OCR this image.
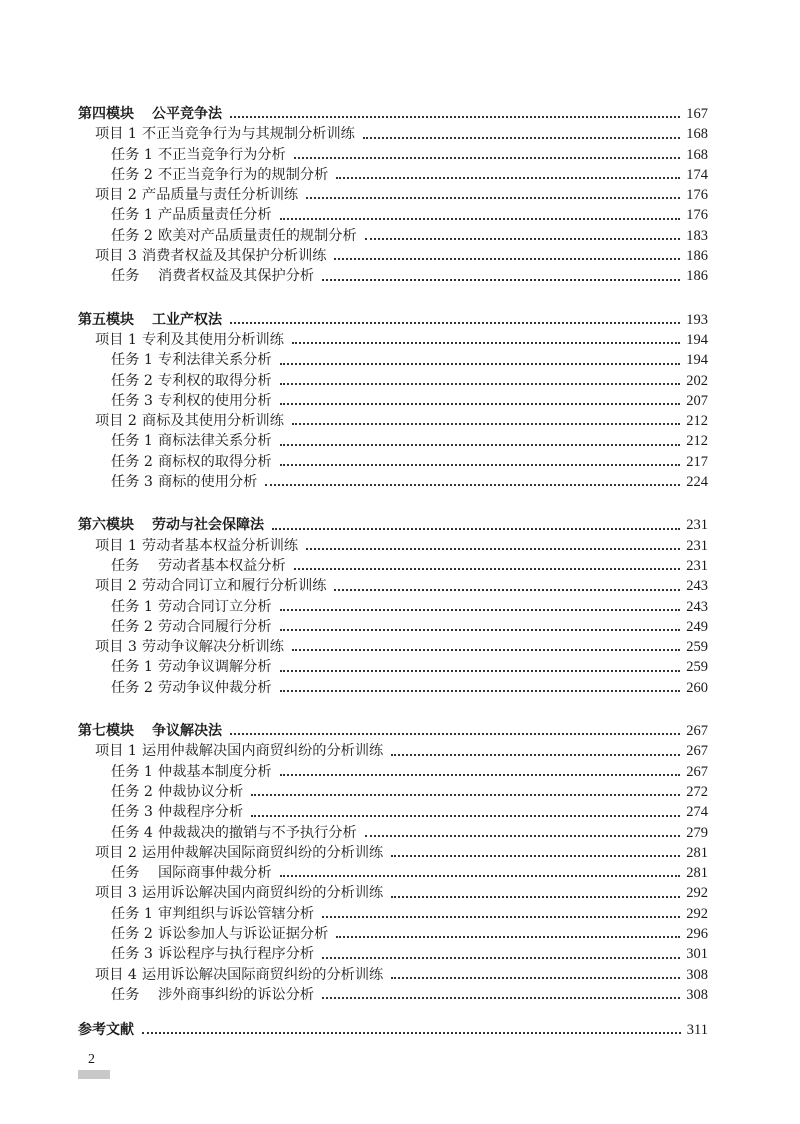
第四模块 公平竞争法	167
项目 1 不正当竞争行为与其规制分析训练	168
任务 1 不正当竞争行为分析	168
任务 2 不正当竞争行为的规制分析	174
项目 2 产品质量与责任分析训练	176
任务 1 产品质量责任分析	176
任务 2 欧美对产品质量责任的规制分析	183
项目 3 消费者权益及其保护分析训练	186
任务 消费者权益及其保护分析	186
第五模块 工业产权法	193
项目 1 专利及其使用分析训练	194
任务 1 专利法律关系分析	194
任务 2 专利权的取得分析	202
任务 3 专利权的使用分析	207
项目 2 商标及其使用分析训练	212
任务 1 商标法律关系分析	212
任务 2 商标权的取得分析	217
任务 3 商标的使用分析	224
第六模块 劳动与社会保障法	231
项目 1 劳动者基本权益分析训练	231
任务 劳动者基本权益分析	231
项目 2 劳动合同订立和履行分析训练	243
任务 1 劳动合同订立分析	243
任务 2 劳动合同履行分析	249
项目 3 劳动争议解决分析训练	259
任务 1 劳动争议调解分析	259
任务 2 劳动争议仲裁分析	260
第七模块 争议解决法	267
项目 1 运用仲裁解决国内商贸纠纷的分析训练	267
任务 1 仲裁基本制度分析	267
任务 2 仲裁协议分析	272
任务 3 仲裁程序分析	274
任务 4 仲裁裁决的撤销与不予执行分析	279
项目 2 运用仲裁解决国际商贸纠纷的分析训练	281
任务 国际商事仲裁分析	281
项目 3 运用诉讼解决国内商贸纠纷的分析训练	292
任务 1 审判组织与诉讼管辖分析	292
任务 2 诉讼参加人与诉讼证据分析	296
任务 3 诉讼程序与执行程序分析	301
项目 4 运用诉讼解决国际商贸纠纷的分析训练	308
任务 涉外商事纠纷的诉讼分析	308
参考文献	311
2
